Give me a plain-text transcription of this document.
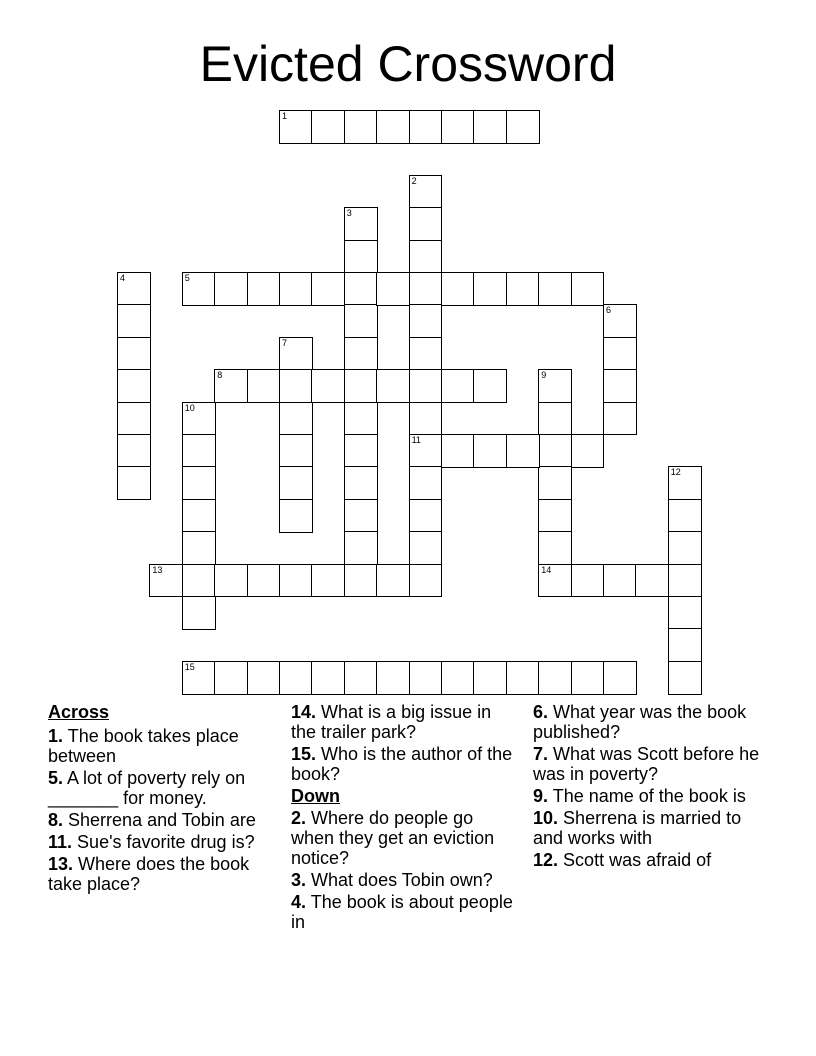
Evicted Crossword
1
2
11
3
4	5
6
7
8	9
10
12
13	14
15
Across
1. The book takes place between
5. A lot of poverty rely on _______ for money.
8. Sherrena and Tobin are
11. Sue's favorite drug is?
13. Where does the book take place?
14. What is a big issue in the trailer park?
15. Who is the author of the book?
Down
2. Where do people go when they get an eviction notice?
3. What does Tobin own?
4. The book is about people in
6. What year was the book published?
7. What was Scott before he was in poverty?
9. The name of the book is
10. Sherrena is married to and works with
12. Scott was afraid of
